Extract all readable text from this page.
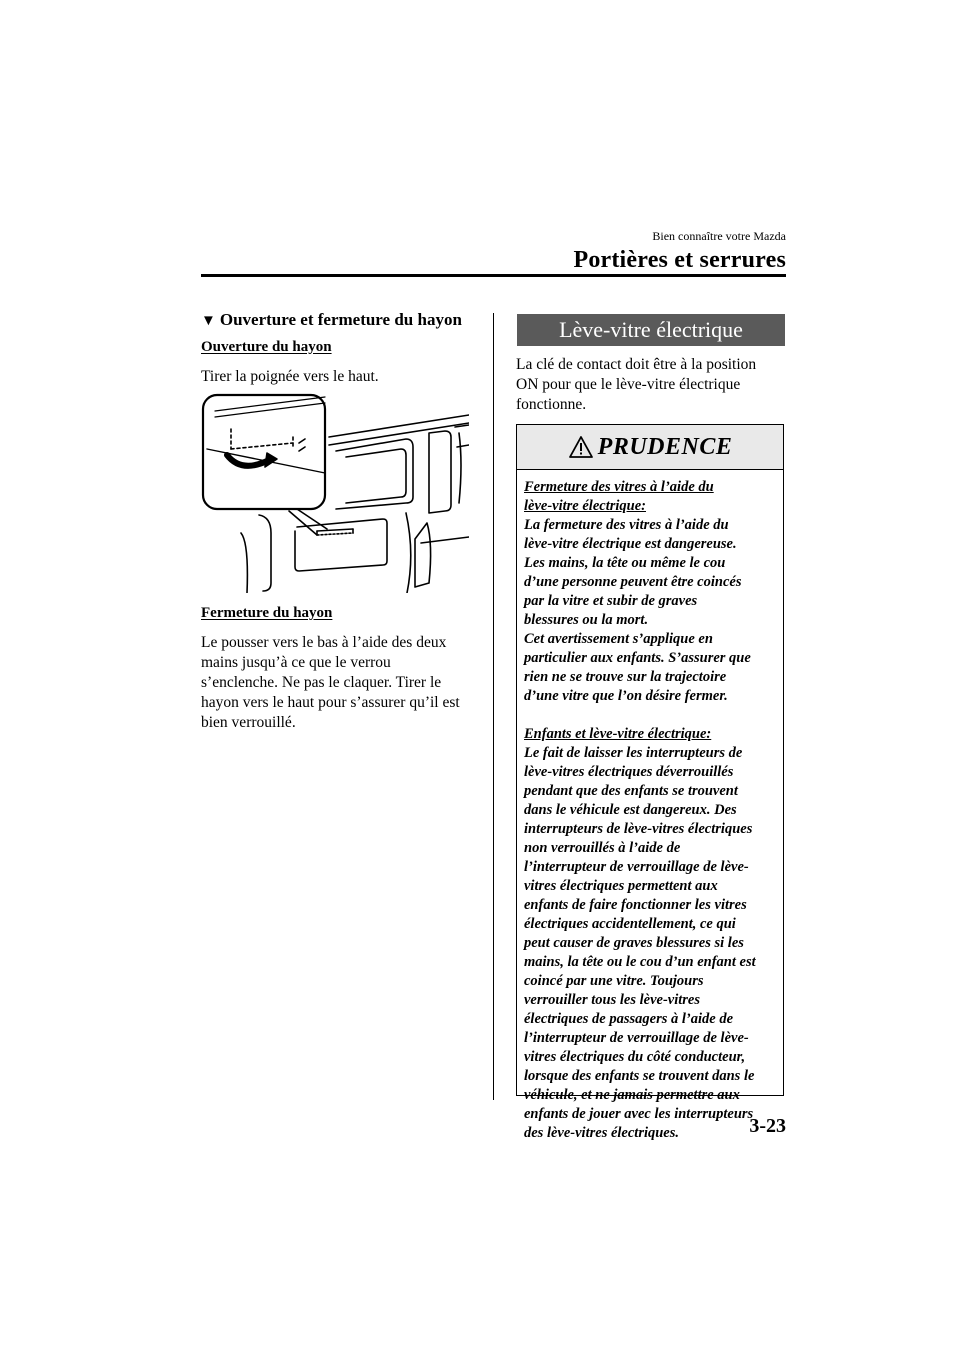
Bien connaître votre Mazda
Portières et serrures
▼ Ouverture et fermeture du hayon
Ouverture du hayon
Tirer la poignée vers le haut.
Fermeture du hayon
Le pousser vers le bas à l’aide des deux
mains jusqu’à ce que le verrou
s’enclenche. Ne pas le claquer. Tirer le
hayon vers le haut pour s’assurer qu’il est
bien verrouillé.
Lève-vitre électrique
La clé de contact doit être à la position
ON pour que le lève-vitre électrique
fonctionne.
PRUDENCE

Fermeture des vitres à l’aide du

lève-vitre électrique:

La fermeture des vitres à l’aide du

lève-vitre électrique est dangereuse.

Les mains, la tête ou même le cou

d’une personne peuvent être coincés

par la vitre et subir de graves

blessures ou la mort.

Cet avertissement s’applique en

particulier aux enfants. S’assurer que

rien ne se trouve sur la trajectoire

d’une vitre que l’on désire fermer.

Enfants et lève-vitre électrique:

Le fait de laisser les interrupteurs de

lève-vitres électriques déverrouillés

pendant que des enfants se trouvent

dans le véhicule est dangereux. Des

interrupteurs de lève-vitres électriques

non verrouillés à l’aide de

l’interrupteur de verrouillage de lève-

vitres électriques permettent aux

enfants de faire fonctionner les vitres

électriques accidentellement, ce qui

peut causer de graves blessures si les

mains, la tête ou le cou d’un enfant est

coincé par une vitre. Toujours

verrouiller tous les lève-vitres

électriques de passagers à l’aide de

l’interrupteur de verrouillage de lève-

vitres électriques du côté conducteur,

lorsque des enfants se trouvent dans le

véhicule, et ne jamais permettre aux

enfants de jouer avec les interrupteurs

des lève-vitres électriques.	3-23
